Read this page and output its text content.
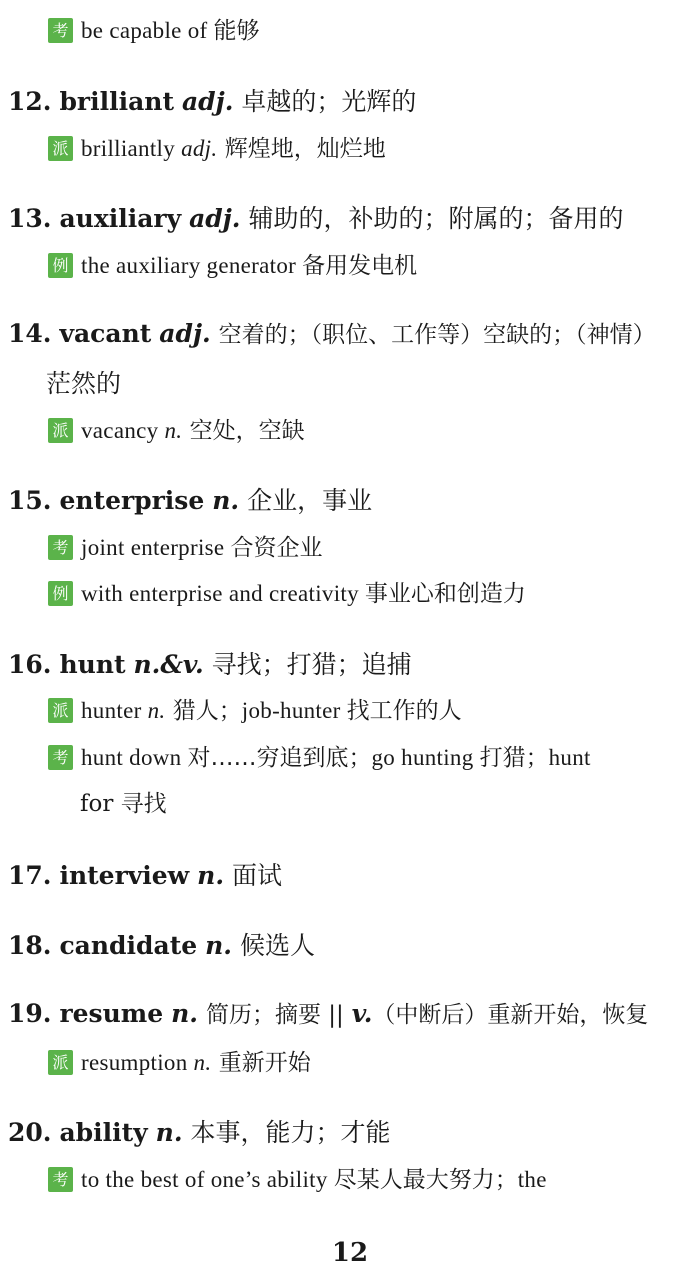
考 be capable of 能够
12. brilliant adj. 卓越的；光辉的
派 brilliantly adj. 辉煌地，灿烂地
13. auxiliary adj. 辅助的，补助的；附属的；备用的
例 the auxiliary generator 备用发电机
14. vacant adj. 空着的；（职位、工作等）空缺的；（神情）
茫然的
派 vacancy n. 空处，空缺
15. enterprise n. 企业，事业
考 joint enterprise 合资企业
例 with enterprise and creativity 事业心和创造力
16. hunt n.&v. 寻找；打猎；追捕
派 hunter n. 猎人；job-hunter 找工作的人
考 hunt down 对……穷追到底；go hunting 打猎；hunt
for 寻找
17. interview n. 面试
18. candidate n. 候选人
19. resume n. 简历；摘要 || v.（中断后）重新开始，恢复
派 resumption n. 重新开始
20. ability n. 本事，能力；才能
考 to the best of one’s ability 尽某人最大努力；the
12
